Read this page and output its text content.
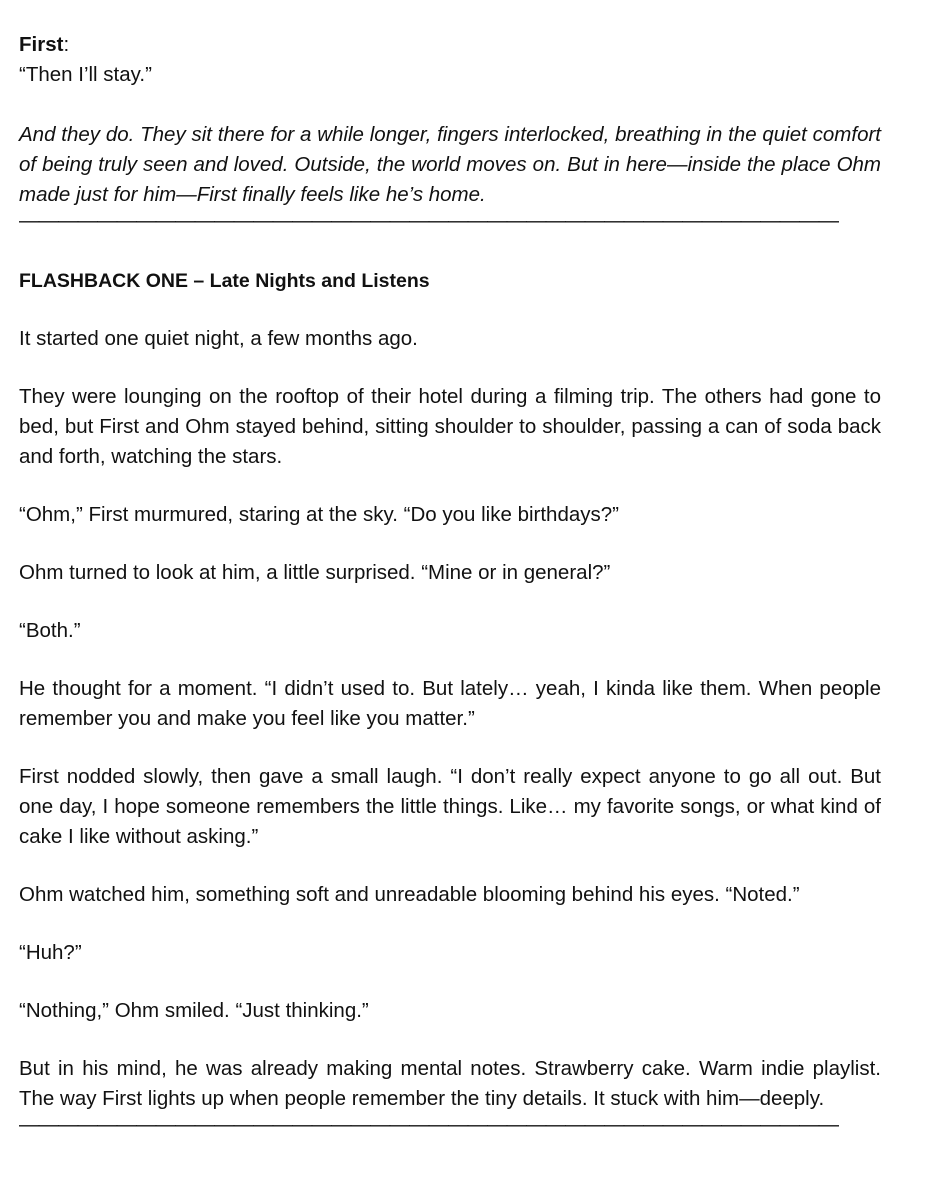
First:

“Then I’ll stay.”

And they do. They sit there for a while longer, fingers interlocked, breathing in the quiet comfort of being truly seen and loved. Outside, the world moves on. But in here—inside the place Ohm made just for him—First finally feels like he’s home.

——————————————————————————————————————————

FLASHBACK ONE – Late Nights and Listens

It started one quiet night, a few months ago.

They were lounging on the rooftop of their hotel during a filming trip. The others had gone to bed, but First and Ohm stayed behind, sitting shoulder to shoulder, passing a can of soda back and forth, watching the stars.

“Ohm,” First murmured, staring at the sky. “Do you like birthdays?”

Ohm turned to look at him, a little surprised. “Mine or in general?”

“Both.”

He thought for a moment. “I didn’t used to. But lately… yeah, I kinda like them. When people remember you and make you feel like you matter.”

First nodded slowly, then gave a small laugh. “I don’t really expect anyone to go all out. But one day, I hope someone remembers the little things. Like… my favorite songs, or what kind of cake I like without asking.”

Ohm watched him, something soft and unreadable blooming behind his eyes. “Noted.”

“Huh?”

“Nothing,” Ohm smiled. “Just thinking.”

But in his mind, he was already making mental notes. Strawberry cake. Warm indie playlist. The way First lights up when people remember the tiny details. It stuck with him—deeply.

——————————————————————————————————————————
